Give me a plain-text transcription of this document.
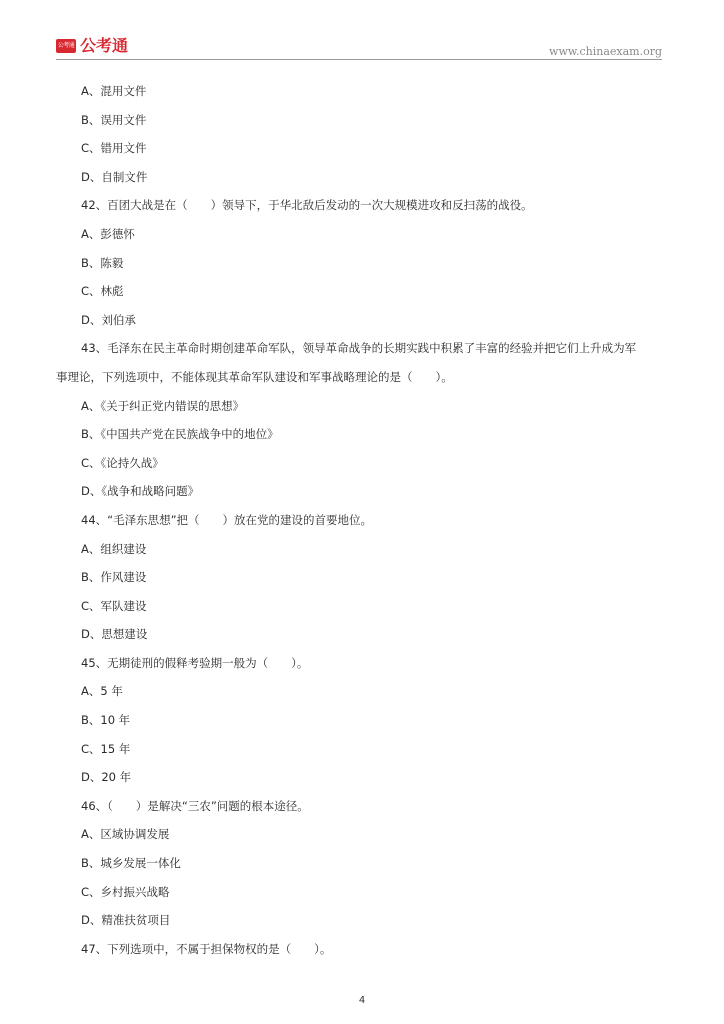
公考通 公考通	www.chinaexam.org
A、混用文件
B、误用文件
C、错用文件
D、自制文件
42、百团大战是在（　　）领导下，于华北敌后发动的一次大规模进攻和反扫荡的战役。
A、彭德怀
B、陈毅
C、林彪
D、刘伯承
43、毛泽东在民主革命时期创建革命军队，领导革命战争的长期实践中积累了丰富的经验并把它们上升成为军
事理论，下列选项中，不能体现其革命军队建设和军事战略理论的是（　　）。
A、《关于纠正党内错误的思想》
B、《中国共产党在民族战争中的地位》
C、《论持久战》
D、《战争和战略问题》
44、“毛泽东思想”把（　　）放在党的建设的首要地位。
A、组织建设
B、作风建设
C、军队建设
D、思想建设
45、无期徒刑的假释考验期一般为（　　）。
A、5 年
B、10 年
C、15 年
D、20 年
46、（　　）是解决“三农”问题的根本途径。
A、区域协调发展
B、城乡发展一体化
C、乡村振兴战略
D、精准扶贫项目
47、下列选项中，不属于担保物权的是（　　）。
4
